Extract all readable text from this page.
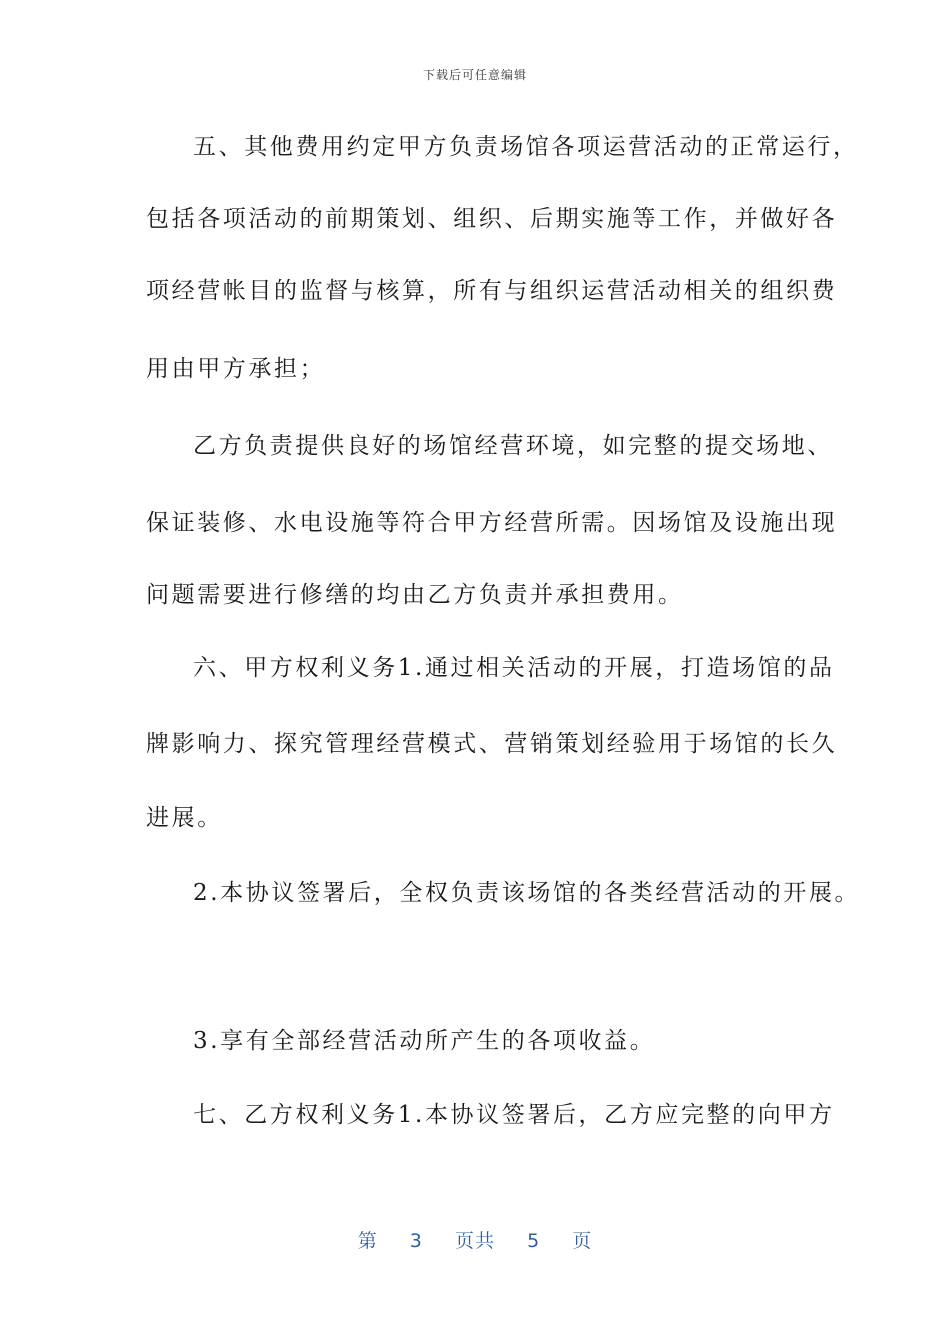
下载后可任意编辑
五、其他费用约定甲方负责场馆各项运营活动的正常运行，
包括各项活动的前期策划、组织、后期实施等工作，并做好各
项经营帐目的监督与核算，所有与组织运营活动相关的组织费
用由甲方承担；
乙方负责提供良好的场馆经营环境，如完整的提交场地、
保证装修、水电设施等符合甲方经营所需。因场馆及设施出现
问题需要进行修缮的均由乙方负责并承担费用。
六、甲方权利义务1.通过相关活动的开展，打造场馆的品
牌影响力、探究管理经营模式、营销策划经验用于场馆的长久
进展。
2.本协议签署后，全权负责该场馆的各类经营活动的开展。
3.享有全部经营活动所产生的各项收益。
七、乙方权利义务1.本协议签署后，乙方应完整的向甲方
第 3 页共 5 页
